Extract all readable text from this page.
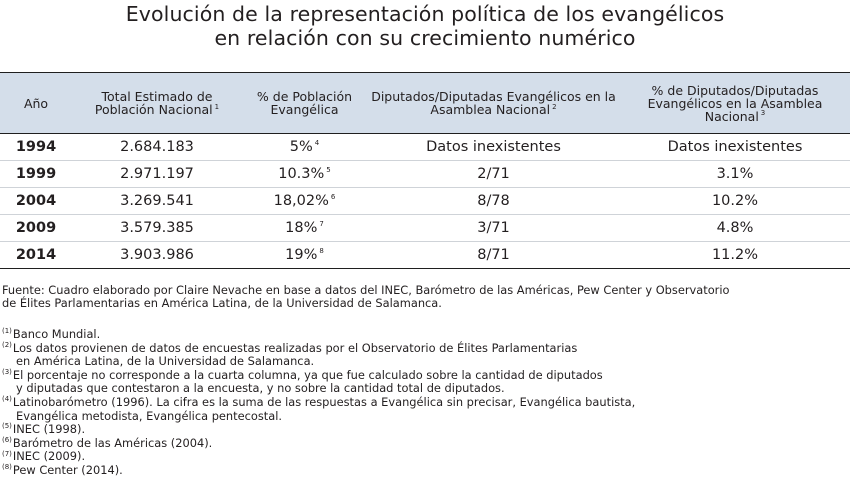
Evolución de la representación política de los evangélicos
en relación con su crecimiento numérico
Año	Total Estimado de Población Nacional $^1$	% de Población Evangélica	Diputados/Diputadas Evangélicos en la Asamblea Nacional $^2$	% de Diputados/Diputadas Evangélicos en la Asamblea Nacional $^3$
1994	2.684.183	5% $^4$	Datos inexistentes	Datos inexistentes
1999	2.971.197	10.3% $^5$	2/71	3.1%
2004	3.269.541	18,02% $^6$	8/78	10.2%
2009	3.579.385	18% $^7$	3/71	4.8%
2014	3.903.986	19% $^8$	8/71	11.2%
Fuente: Cuadro elaborado por Claire Nevache en base a datos del INEC, Barómetro de las Américas, Pew Center y Observatorio
de Élites Parlamentarias en América Latina, de la Universidad de Salamanca.
$^{(1)}$Banco Mundial.
$^{(2)}$Los datos provienen de datos de encuestas realizadas por el Observatorio de Élites Parlamentarias
en América Latina, de la Universidad de Salamanca.
$^{(3)}$El porcentaje no corresponde a la cuarta columna, ya que fue calculado sobre la cantidad de diputados
y diputadas que contestaron a la encuesta, y no sobre la cantidad total de diputados.
$^{(4)}$Latinobarómetro (1996). La cifra es la suma de las respuestas a Evangélica sin precisar, Evangélica bautista,
Evangélica metodista, Evangélica pentecostal.
$^{(5)}$INEC (1998).
$^{(6)}$Barómetro de las Américas (2004).
$^{(7)}$INEC (2009).
$^{(8)}$Pew Center (2014).
